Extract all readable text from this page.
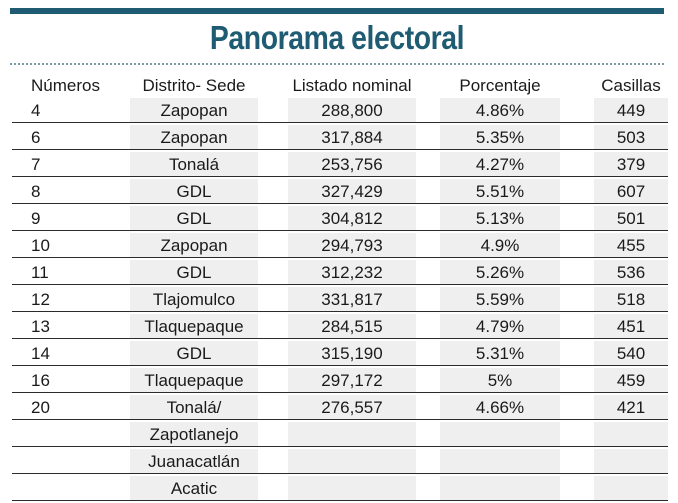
Panorama electoral
Números	Distrito- Sede		Listado nominal		Porcentaje		Casillas
4	Zapopan		288,800		4.86%		449
6	Zapopan		317,884		5.35%		503
7	Tonalá		253,756		4.27%		379
8	GDL		327,429		5.51%		607
9	GDL		304,812		5.13%		501
10	Zapopan		294,793		4.9%		455
11	GDL		312,232		5.26%		536
12	Tlajomulco		331,817		5.59%		518
13	Tlaquepaque		284,515		4.79%		451
14	GDL		315,190		5.31%		540
16	Tlaquepaque		297,172		5%		459
20	Tonalá/		276,557		4.66%		421
	Zapotlanejo						
	Juanacatlán						
	Acatic						
